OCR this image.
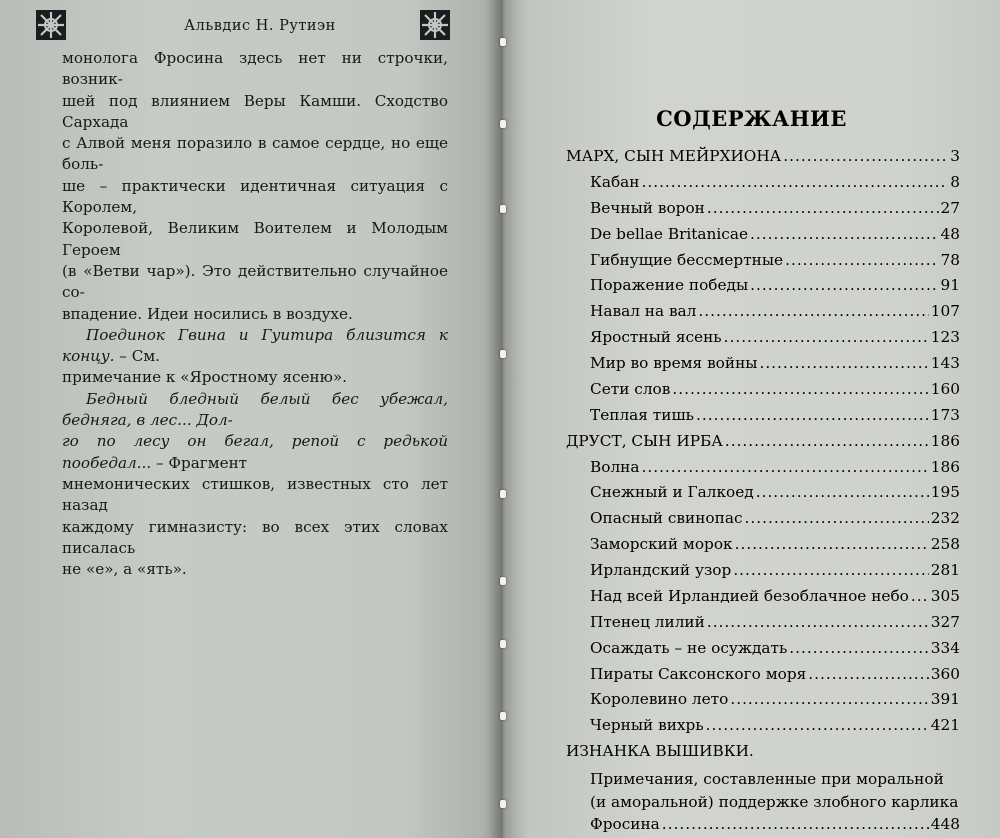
Альвдис Н. Рутиэн

монолога Фросина здесь нет ни строчки, возник-

шей под влиянием Веры Камши. Сходство Сархада

с Алвой меня поразило в самое сердце, но еще боль-

ше – практически идентичная ситуация с Королем,

Королевой, Великим Воителем и Молодым Героем

(в «Ветви чар»). Это действительно случайное со-

впадение. Идеи носились в воздухе.

Поединок Гвина и Гуитира близится к концу. – См.

примечание к «Яростному ясеню».

Бедный бледный белый бес убежал, бедняга, в лес... Дол-

го по лесу он бегал, репой с редькой пообедал... – Фрагмент

мнемонических стишков, известных сто лет назад

каждому гимназисту: во всех этих словах писалась

не «е», а «ять».

СОДЕРЖАНИЕ
МАРХ, СЫН МЕЙРХИОНА .....	3
Кабан .....	8
Вечный ворон .....	27
De bellae Britanicae .....	48
Гибнущие бессмертные .....	78
Поражение победы .....	91
Навал на вал .....	107
Яростный ясень .....	123
Мир во время войны .....	143
Сети слов .....	160
Теплая тишь .....	173
ДРУСТ, СЫН ИРБА .....	186
Волна .....	186
Снежный и Галкоед .....	195
Опасный свинопас .....	232
Заморский морок .....	258
Ирландский узор .....	281
Над всей Ирландией безоблачное небо ..... 305
Птенец лилий .....	327
Осаждать – не осуждать .....	334
Пираты Саксонского моря .....	360
Королевино лето .....	391
Черный вихрь .....	421
ИЗНАНКА ВЫШИВКИ.
Примечания, составленные при моральной
(и аморальной) поддержке злобного карлика
Фросина .....	448
